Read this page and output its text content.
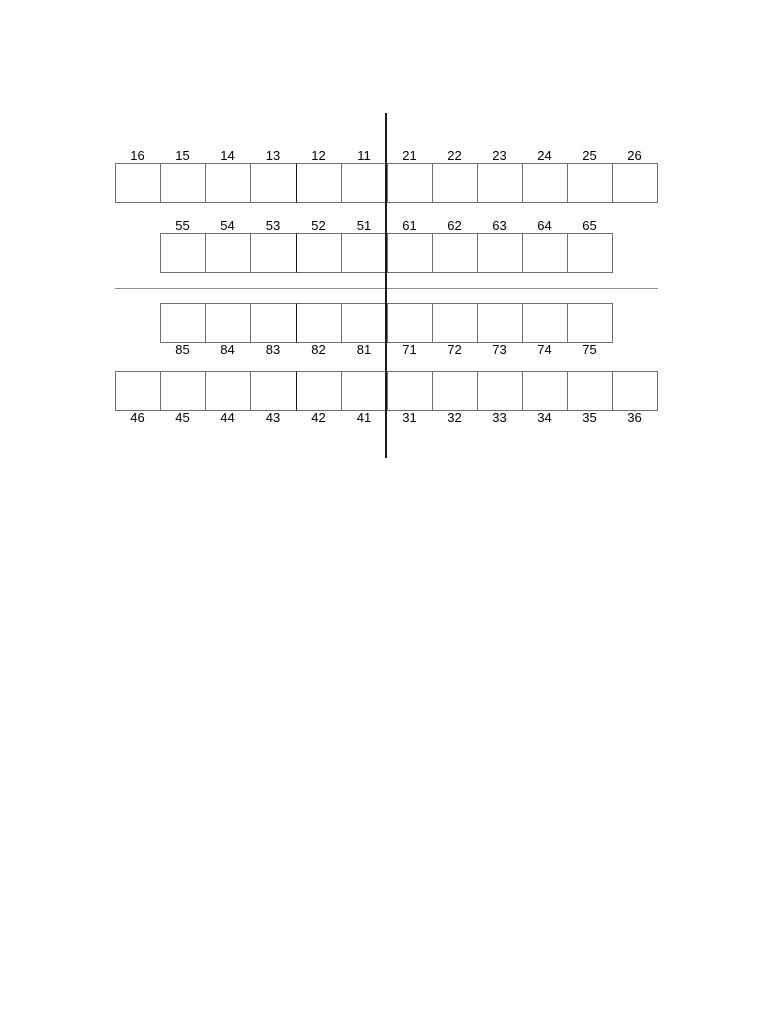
16	15	14	13	12	11	21	22	23	24	25	26
55	54	53	52	51	61	62	63	64	65
85	84	83	82	81	71	72	73	74	75
46	45	44	43	42	41	31	32	33	34	35	36
